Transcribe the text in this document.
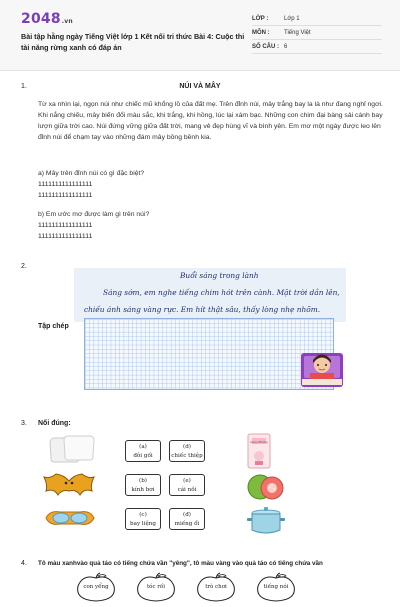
2048.vn
Bài tập hằng ngày Tiếng Việt lớp 1 Kết nối tri thức Bài 4: Cuộc thi tài năng rừng xanh có đáp án
LỚP :	Lớp 1
MÔN :	Tiếng Việt
SỐ CÂU : 6
1.	NÚI VÀ MÂY
Từ xa nhìn lại, ngọn núi như chiếc mũ khổng lồ của đất mẹ. Trên đỉnh núi, mây trắng bay la là như đang nghỉ ngơi. Khi nắng chiếu, mây biến đổi màu sắc, khi trắng, khi hồng, lúc lại xám bạc. Những con chim đại bàng sải cánh bay lượn giữa trời cao. Núi đứng vững giữa đất trời, mang vẻ đẹp hùng vĩ và bình yên. Em mơ một ngày được leo lên đỉnh núi để chạm tay vào những đám mây bồng bềnh kia.
a) Mây trên đỉnh núi có gì đặc biệt?
1111111111111111
1111111111111111
b) Em ước mơ được làm gì trên núi?
1111111111111111
1111111111111111
2.
Buổi sáng trong lành
Sáng sớm, em nghe tiếng chim hót trên cành. Mặt trời dần lên,
chiếu ánh sáng vàng rực. Em hít thật sâu, thấy lòng nhẹ nhõm.
Tập chép
3. Nối đúng:
(a)
đôi gối
(d)
chiếc thiệp
(b)
kính bơi
(e)
cái nồi
(c)
bay liệng
(đ)
miếng ổi
Happy Birthday
4. Tô màu xanhvào quả táo có tiếng chứa vần "yêng", tô màu vàng vào quả táo có tiếng chứa vần
con yểng	tóc rối	trò chơi	tiếng nói
